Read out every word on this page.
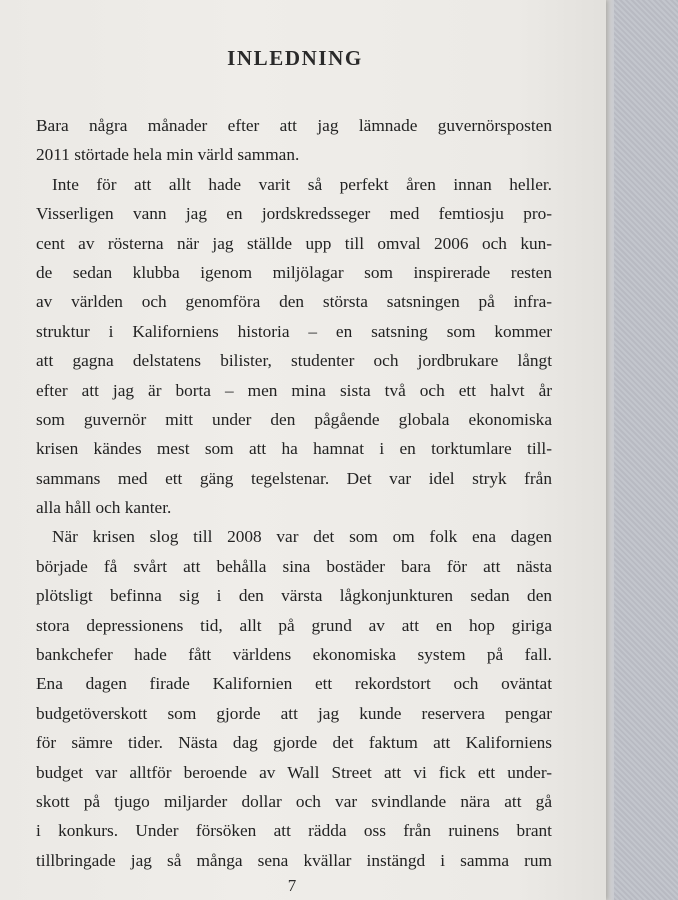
INLEDNING
Bara några månader efter att jag lämnade guvernörsposten
2011 störtade hela min värld samman.
Inte för att allt hade varit så perfekt åren innan heller.
Visserligen vann jag en jordskredsseger med femtiosju pro-
cent av rösterna när jag ställde upp till omval 2006 och kun-
de sedan klubba igenom miljölagar som inspirerade resten
av världen och genomföra den största satsningen på infra-
struktur i Kaliforniens historia – en satsning som kommer
att gagna delstatens bilister, studenter och jordbrukare långt
efter att jag är borta – men mina sista två och ett halvt år
som guvernör mitt under den pågående globala ekonomiska
krisen kändes mest som att ha hamnat i en torktumlare till-
sammans med ett gäng tegelstenar. Det var idel stryk från
alla håll och kanter.
När krisen slog till 2008 var det som om folk ena dagen
började få svårt att behålla sina bostäder bara för att nästa
plötsligt befinna sig i den värsta lågkonjunkturen sedan den
stora depressionens tid, allt på grund av att en hop giriga
bankchefer hade fått världens ekonomiska system på fall.
Ena dagen firade Kalifornien ett rekordstort och oväntat
budgetöverskott som gjorde att jag kunde reservera pengar
för sämre tider. Nästa dag gjorde det faktum att Kaliforniens
budget var alltför beroende av Wall Street att vi fick ett under-
skott på tjugo miljarder dollar och var svindlande nära att gå
i konkurs. Under försöken att rädda oss från ruinens brant
tillbringade jag så många sena kvällar instängd i samma rum
7
